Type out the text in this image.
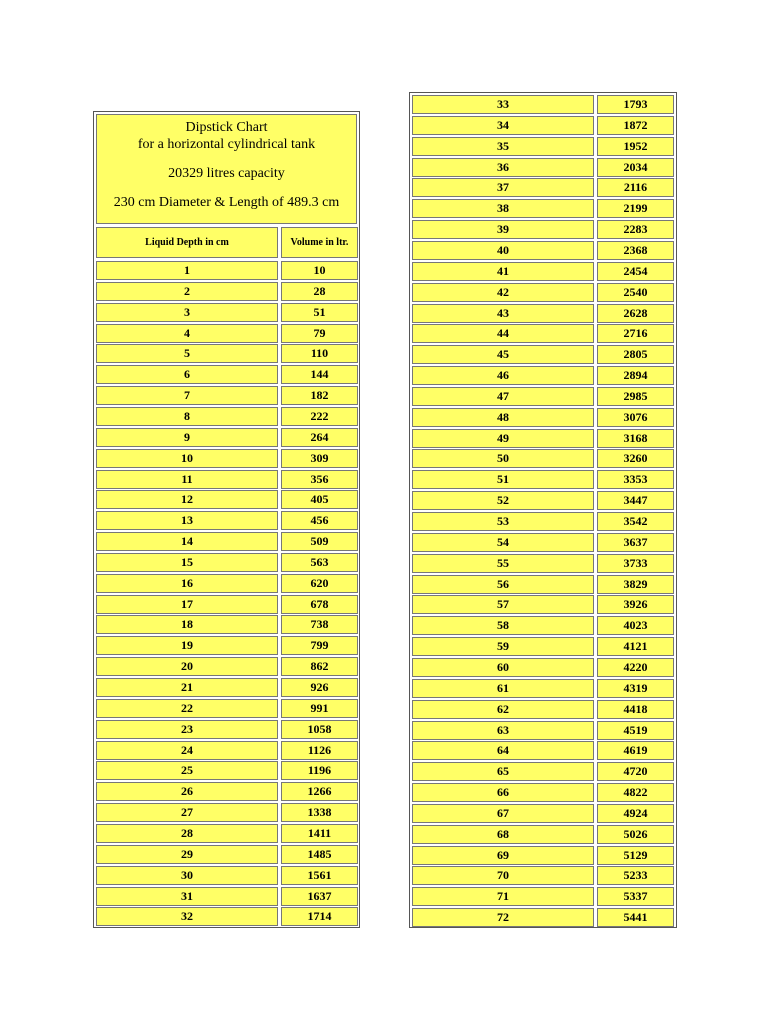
Dipstick Chart
for a horizontal cylindrical tank
20329 litres capacity
230 cm Diameter & Length of 489.3 cm
Liquid Depth in cm	Volume in ltr.
1	10
2	28
3	51
4	79
5	110
6	144
7	182
8	222
9	264
10	309
11	356
12	405
13	456
14	509
15	563
16	620
17	678
18	738
19	799
20	862
21	926
22	991
23	1058
24	1126
25	1196
26	1266
27	1338
28	1411
29	1485
30	1561
31	1637
32	1714
33	1793
34	1872
35	1952
36	2034
37	2116
38	2199
39	2283
40	2368
41	2454
42	2540
43	2628
44	2716
45	2805
46	2894
47	2985
48	3076
49	3168
50	3260
51	3353
52	3447
53	3542
54	3637
55	3733
56	3829
57	3926
58	4023
59	4121
60	4220
61	4319
62	4418
63	4519
64	4619
65	4720
66	4822
67	4924
68	5026
69	5129
70	5233
71	5337
72	5441
